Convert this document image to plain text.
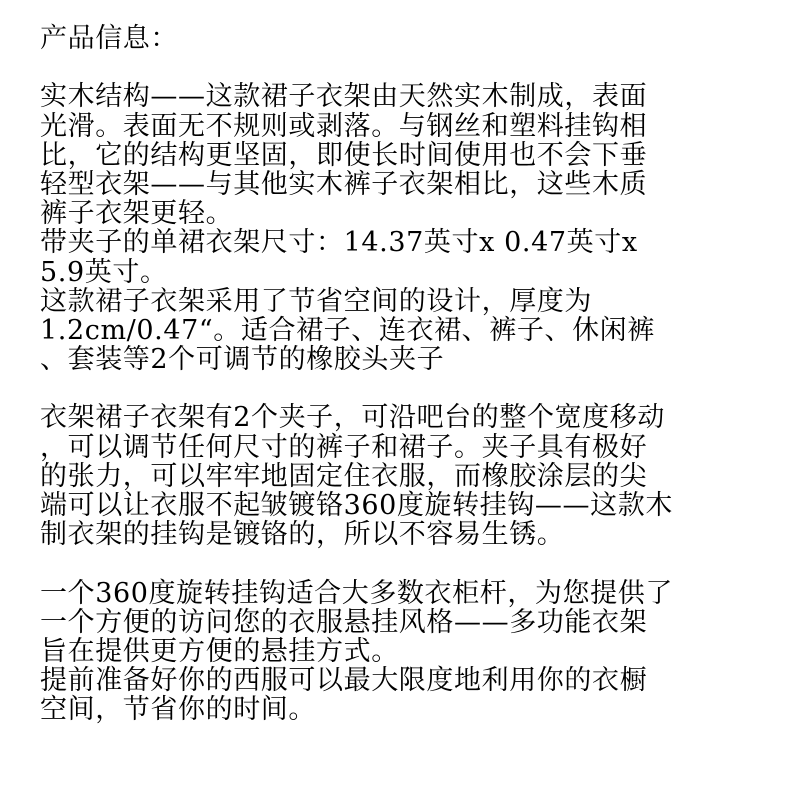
产品信息：
实木结构——这款裙子衣架由天然实木制成，表面
光滑。表面无不规则或剥落。与钢丝和塑料挂钩相
比，它的结构更坚固，即使长时间使用也不会下垂
轻型衣架——与其他实木裤子衣架相比，这些木质
裤子衣架更轻。
带夹子的单裙衣架尺寸：14.37英寸x 0.47英寸x
5.9英寸。
这款裙子衣架采用了节省空间的设计，厚度为
1.2cm/0.47“。适合裙子、连衣裙、裤子、休闲裤
、套装等2个可调节的橡胶头夹子
衣架裙子衣架有2个夹子，可沿吧台的整个宽度移动
，可以调节任何尺寸的裤子和裙子。夹子具有极好
的张力，可以牢牢地固定住衣服，而橡胶涂层的尖
端可以让衣服不起皱镀铬360度旋转挂钩——这款木
制衣架的挂钩是镀铬的，所以不容易生锈。
一个360度旋转挂钩适合大多数衣柜杆，为您提供了
一个方便的访问您的衣服悬挂风格——多功能衣架
旨在提供更方便的悬挂方式。
提前准备好你的西服可以最大限度地利用你的衣橱
空间，节省你的时间。
